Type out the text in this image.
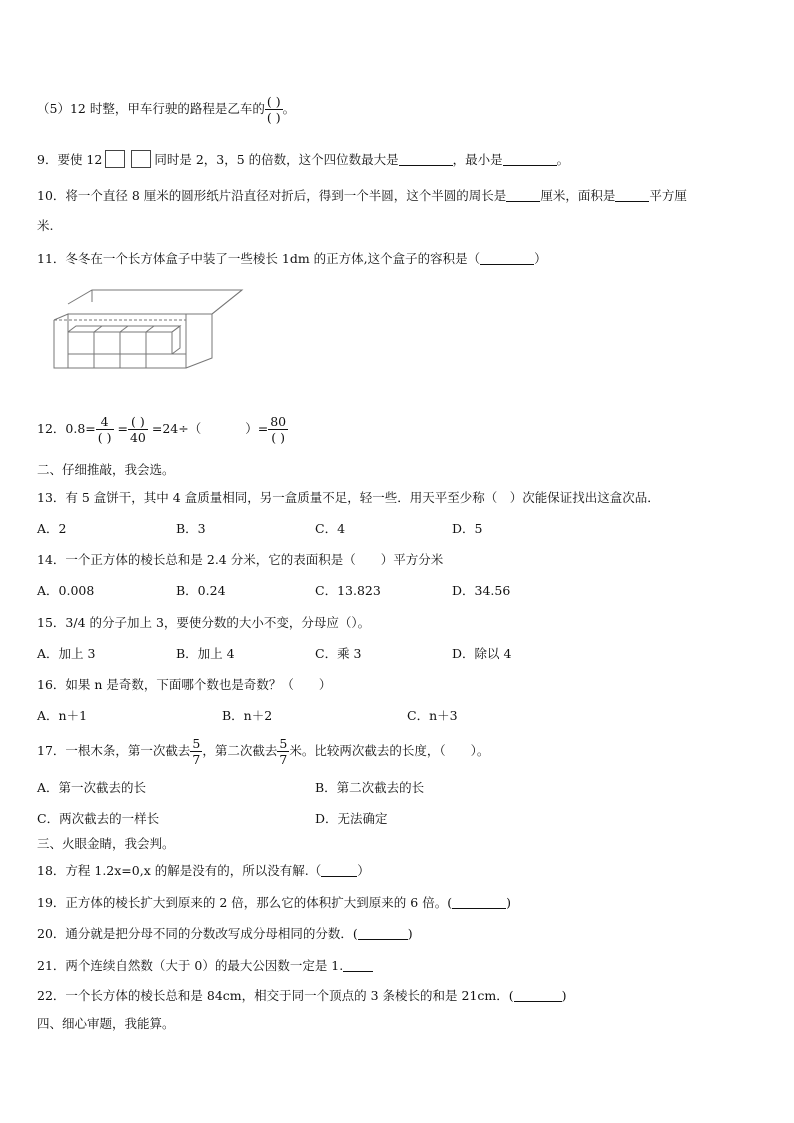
（5）12 时整，甲车行驶的路程是乙车的 $\frac{( )}{( )}$ 。
9．要使 12	同时是 2，3，5 的倍数，这个四位数最大是	，最小是	。
10．将一个直径 8 厘米的圆形纸片沿直径对折后，得到一个半圆，这个半圆的周长是	厘米，面积是	平方厘
米.
11．冬冬在一个长方体盒子中装了一些棱长 1dm 的正方体,这个盒子的容积是（	）
12．$0.8= \frac{4}{( )} = \frac{( )}{40} =24\div$（	）= $\frac{80}{( )}$
二、仔细推敲，我会选。
13．有 5 盒饼干，其中 4 盒质量相同，另一盒质量不足，轻一些．用天平至少称（　）次能保证找出这盒次品．
A．2	B．3	C．4	D．5
14．一个正方体的棱长总和是 2.4 分米，它的表面积是（　　）平方分米
A．0.008	B．0.24	C．13.823	D．34.56
15．3/4 的分子加上 3，要使分数的大小不变，分母应（）。
A．加上 3	B．加上 4	C．乘 3	D．除以 4
16．如果 n 是奇数，下面哪个数也是奇数？（　　）
A．n＋1	B．n＋2	C．n＋3
17．一根木条，第一次截去 $\frac{5}{7}$ ，第二次截去 $\frac{5}{7}$ 米。比较两次截去的长度，（　　）。
A．第一次截去的长	B．第二次截去的长
C．两次截去的一样长	D．无法确定
三、火眼金睛，我会判。
18．方程 1.2x=0,x 的解是没有的，所以没有解.（	）
19．正方体的棱长扩大到原来的 2 倍，那么它的体积扩大到原来的 6 倍。(	)
20．通分就是把分母不同的分数改写成分母相同的分数．(	)
21．两个连续自然数（大于 0）的最大公因数一定是 1.
22．一个长方体的棱长总和是 84cm，相交于同一个顶点的 3 条棱长的和是 21cm．(	)
四、细心审题，我能算。
